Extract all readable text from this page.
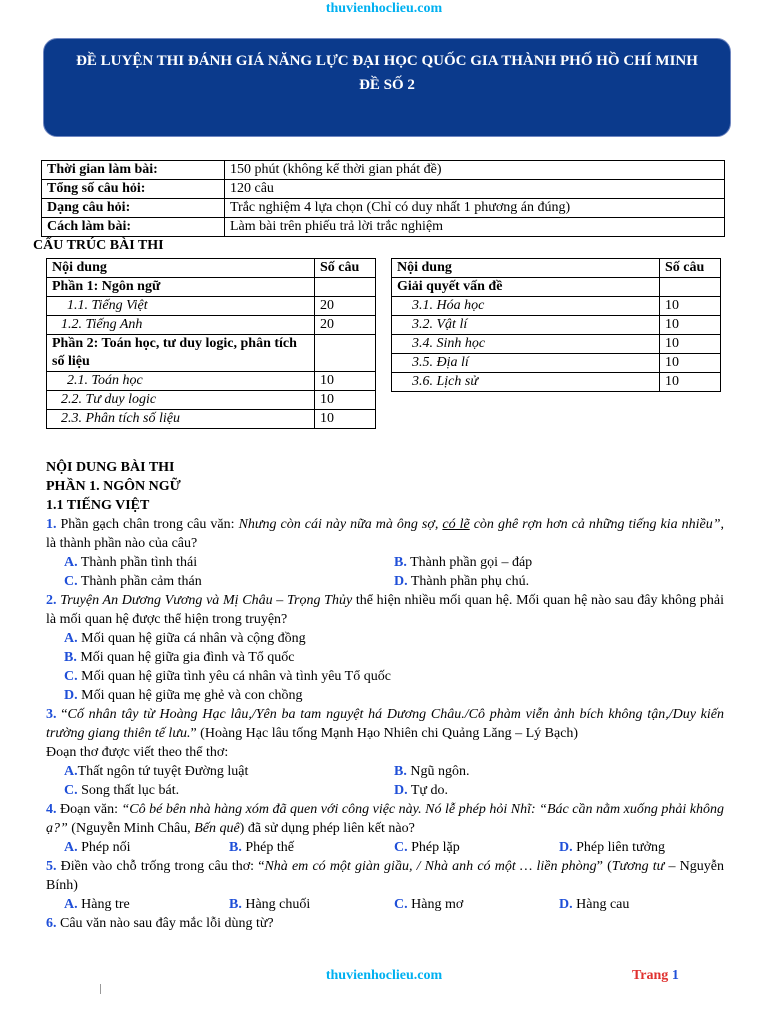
thuvienhoclieu.com
ĐỀ LUYỆN THI ĐÁNH GIÁ NĂNG LỰC ĐẠI HỌC QUỐC GIA THÀNH PHỐ HỒ CHÍ MINH
ĐỀ SỐ 2
Thời gian làm bài:	150 phút (không kể thời gian phát đề)
Tổng số câu hỏi:	120 câu
Dạng câu hỏi:	Trắc nghiệm 4 lựa chọn (Chỉ có duy nhất 1 phương án đúng)
Cách làm bài:	Làm bài trên phiếu trả lời trắc nghiệm
CẤU TRÚC BÀI THI
Nội dung	Số câu
Phần 1: Ngôn ngữ	
1.1. Tiếng Việt	20
1.2. Tiếng Anh	20
Phần 2: Toán học, tư duy logic, phân tích số liệu	
2.1. Toán học	10
2.2. Tư duy logic	10
2.3. Phân tích số liệu	10
Nội dung	Số câu
Giải quyết vấn đề	
3.1. Hóa học	10
3.2. Vật lí	10
3.4. Sinh học	10
3.5. Địa lí	10
3.6. Lịch sử	10
NỘI DUNG BÀI THI
PHẦN 1. NGÔN NGỮ
1.1 TIẾNG VIỆT
1. Phần gạch chân trong câu văn: Nhưng còn cái này nữa mà ông sợ, có lẽ còn ghê rợn hơn cả những tiếng kia nhiều”, là thành phần nào của câu?
A. Thành phần tình thái	B. Thành phần gọi – đáp
C. Thành phần cảm thán	D. Thành phần phụ chú.
2. Truyện An Dương Vương và Mị Châu – Trọng Thủy thể hiện nhiều mối quan hệ. Mối quan hệ nào sau đây không phải là mối quan hệ được thể hiện trong truyện?
A. Mối quan hệ giữa cá nhân và cộng đồng
B. Mối quan hệ giữa gia đình và Tổ quốc
C. Mối quan hệ giữa tình yêu cá nhân và tình yêu Tổ quốc
D. Mối quan hệ giữa mẹ ghẻ và con chồng
3. “Cố nhân tây từ Hoàng Hạc lâu,/Yên ba tam nguyệt há Dương Châu./Cô phàm viễn ảnh bích không tận,/Duy kiến trường giang thiên tế lưu.” (Hoàng Hạc lâu tống Mạnh Hạo Nhiên chi Quảng Lăng – Lý Bạch)
Đoạn thơ được viết theo thể thơ:
A.Thất ngôn tứ tuyệt Đường luật	B. Ngũ ngôn.
C. Song thất lục bát.	D. Tự do.
4. Đoạn văn: “Cô bé bên nhà hàng xóm đã quen với công việc này. Nó lễ phép hỏi Nhĩ: “Bác cần nằm xuống phải không ạ?” (Nguyễn Minh Châu, Bến quê) đã sử dụng phép liên kết nào?
A. Phép nối	B. Phép thế	C. Phép lặp	D. Phép liên tưởng
5. Điền vào chỗ trống trong câu thơ: “Nhà em có một giàn giầu, / Nhà anh có một … liền phòng” (Tương tư – Nguyễn Bính)
A. Hàng tre	B. Hàng chuối	C. Hàng mơ	D. Hàng cau
6. Câu văn nào sau đây mắc lỗi dùng từ?
thuvienhoclieu.com	Trang 1
